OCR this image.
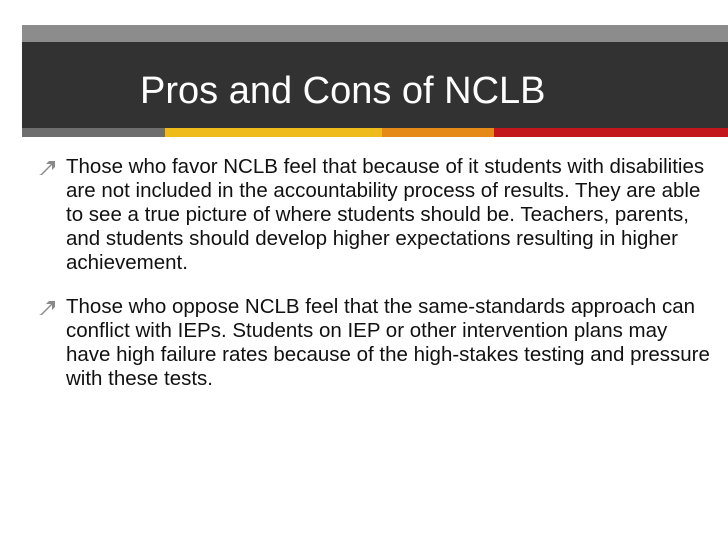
Pros and Cons of NCLB
Those who favor NCLB feel that because of it students with disabilities are not included in the accountability process of results. They are able to see a true picture of where students should be. Teachers, parents, and students should develop higher expectations resulting in higher achievement.
Those who oppose NCLB feel that the same-standards approach can conflict with IEPs. Students on IEP or other intervention plans may have high failure rates because of the high-stakes testing and pressure with these tests.
